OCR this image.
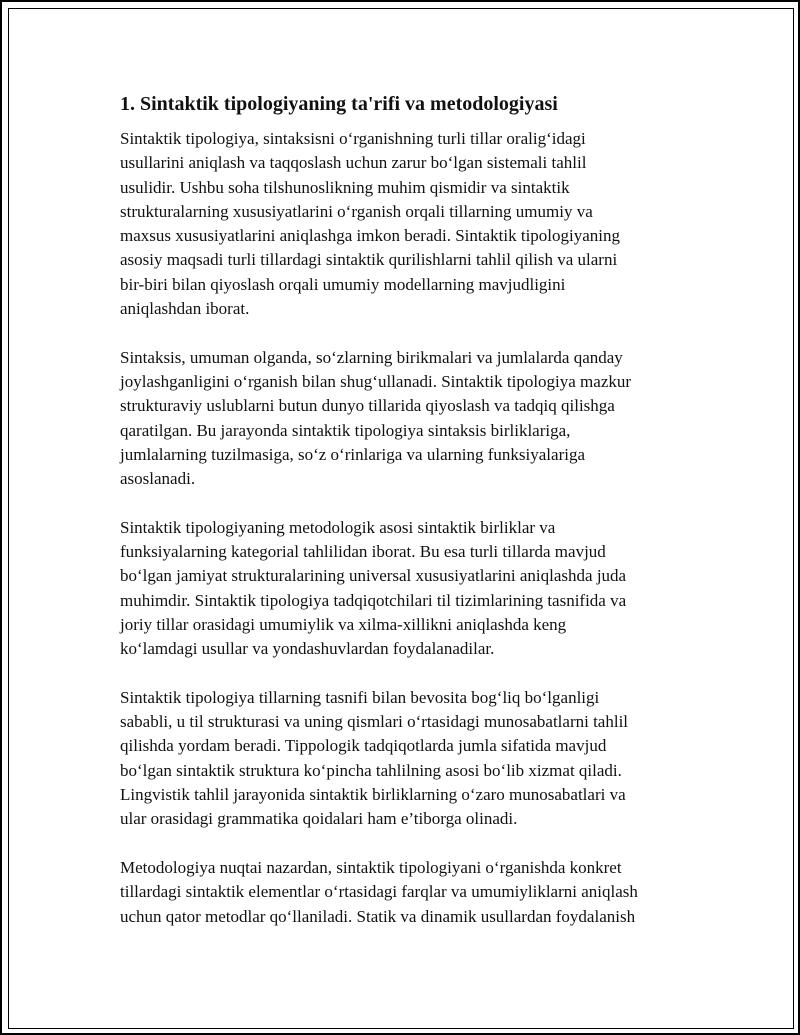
1. Sintaktik tipologiyaning ta'rifi va metodologiyasi
Sintaktik tipologiya, sintaksisni o‘rganishning turli tillar oralig‘idagi
usullarini aniqlash va taqqoslash uchun zarur bo‘lgan sistemali tahlil
usulidir. Ushbu soha tilshunoslikning muhim qismidir va sintaktik
strukturalarning xususiyatlarini o‘rganish orqali tillarning umumiy va
maxsus xususiyatlarini aniqlashga imkon beradi. Sintaktik tipologiyaning
asosiy maqsadi turli tillardagi sintaktik qurilishlarni tahlil qilish va ularni
bir-biri bilan qiyoslash orqali umumiy modellarning mavjudligini
aniqlashdan iborat.
Sintaksis, umuman olganda, so‘zlarning birikmalari va jumlalarda qanday
joylashganligini o‘rganish bilan shug‘ullanadi. Sintaktik tipologiya mazkur
strukturaviy uslublarni butun dunyo tillarida qiyoslash va tadqiq qilishga
qaratilgan. Bu jarayonda sintaktik tipologiya sintaksis birliklariga,
jumlalarning tuzilmasiga, so‘z o‘rinlariga va ularning funksiyalariga
asoslanadi.
Sintaktik tipologiyaning metodologik asosi sintaktik birliklar va
funksiyalarning kategorial tahlilidan iborat. Bu esa turli tillarda mavjud
bo‘lgan jamiyat strukturalarining universal xususiyatlarini aniqlashda juda
muhimdir. Sintaktik tipologiya tadqiqotchilari til tizimlarining tasnifida va
joriy tillar orasidagi umumiylik va xilma-xillikni aniqlashda keng
ko‘lamdagi usullar va yondashuvlardan foydalanadilar.
Sintaktik tipologiya tillarning tasnifi bilan bevosita bog‘liq bo‘lganligi
sababli, u til strukturasi va uning qismlari o‘rtasidagi munosabatlarni tahlil
qilishda yordam beradi. Tippologik tadqiqotlarda jumla sifatida mavjud
bo‘lgan sintaktik struktura ko‘pincha tahlilning asosi bo‘lib xizmat qiladi.
Lingvistik tahlil jarayonida sintaktik birliklarning o‘zaro munosabatlari va
ular orasidagi grammatika qoidalari ham e’tiborga olinadi.
Metodologiya nuqtai nazardan, sintaktik tipologiyani o‘rganishda konkret
tillardagi sintaktik elementlar o‘rtasidagi farqlar va umumiyliklarni aniqlash
uchun qator metodlar qo‘llaniladi. Statik va dinamik usullardan foydalanish
